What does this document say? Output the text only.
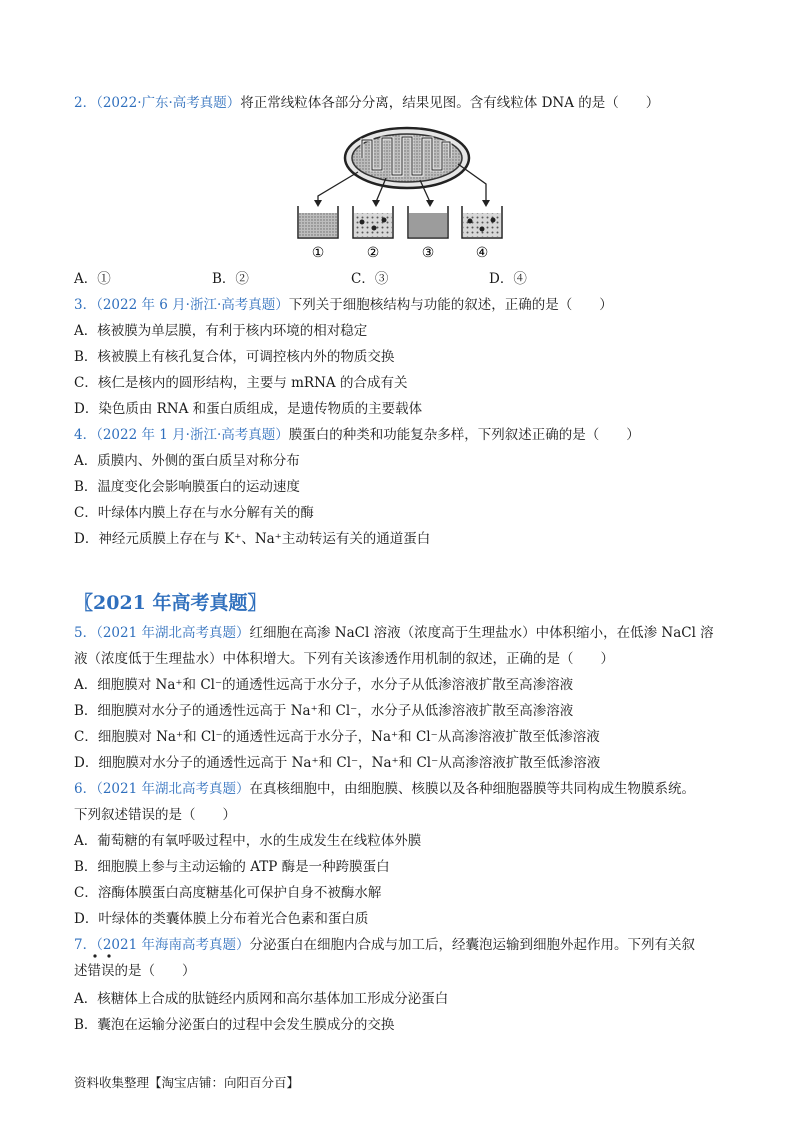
2．（2022·广东·高考真题）将正常线粒体各部分分离，结果见图。含有线粒体 DNA 的是（　　）
①	②	③	④
A．①	B．②	C．③	D．④
3．（2022 年 6 月·浙江·高考真题）下列关于细胞核结构与功能的叙述，正确的是（　　）
A．核被膜为单层膜，有利于核内环境的相对稳定
B．核被膜上有核孔复合体，可调控核内外的物质交换
C．核仁是核内的圆形结构，主要与 mRNA 的合成有关
D．染色质由 RNA 和蛋白质组成，是遗传物质的主要载体
4．（2022 年 1 月·浙江·高考真题）膜蛋白的种类和功能复杂多样，下列叙述正确的是（　　）
A．质膜内、外侧的蛋白质呈对称分布
B．温度变化会影响膜蛋白的运动速度
C．叶绿体内膜上存在与水分解有关的酶
D．神经元质膜上存在与 K⁺、Na⁺主动转运有关的通道蛋白
〖2021 年高考真题〗
5．（2021 年湖北高考真题）红细胞在高渗 NaCl 溶液（浓度高于生理盐水）中体积缩小，在低渗 NaCl 溶
液（浓度低于生理盐水）中体积增大。下列有关该渗透作用机制的叙述，正确的是（　　）
A．细胞膜对 Na⁺和 Cl⁻的通透性远高于水分子，水分子从低渗溶液扩散至高渗溶液
B．细胞膜对水分子的通透性远高于 Na⁺和 Cl⁻，水分子从低渗溶液扩散至高渗溶液
C．细胞膜对 Na⁺和 Cl⁻的通透性远高于水分子，Na⁺和 Cl⁻从高渗溶液扩散至低渗溶液
D．细胞膜对水分子的通透性远高于 Na⁺和 Cl⁻，Na⁺和 Cl⁻从高渗溶液扩散至低渗溶液
6．（2021 年湖北高考真题）在真核细胞中，由细胞膜、核膜以及各种细胞器膜等共同构成生物膜系统。
下列叙述错误的是（　　）
A．葡萄糖的有氧呼吸过程中，水的生成发生在线粒体外膜
B．细胞膜上参与主动运输的 ATP 酶是一种跨膜蛋白
C．溶酶体膜蛋白高度糖基化可保护自身不被酶水解
D．叶绿体的类囊体膜上分布着光合色素和蛋白质
7．（2021 年海南高考真题）分泌蛋白在细胞内合成与加工后，经囊泡运输到细胞外起作用。下列有关叙
述错误的是（　　）
A．核糖体上合成的肽链经内质网和高尔基体加工形成分泌蛋白
B．囊泡在运输分泌蛋白的过程中会发生膜成分的交换
资料收集整理【淘宝店铺：向阳百分百】
